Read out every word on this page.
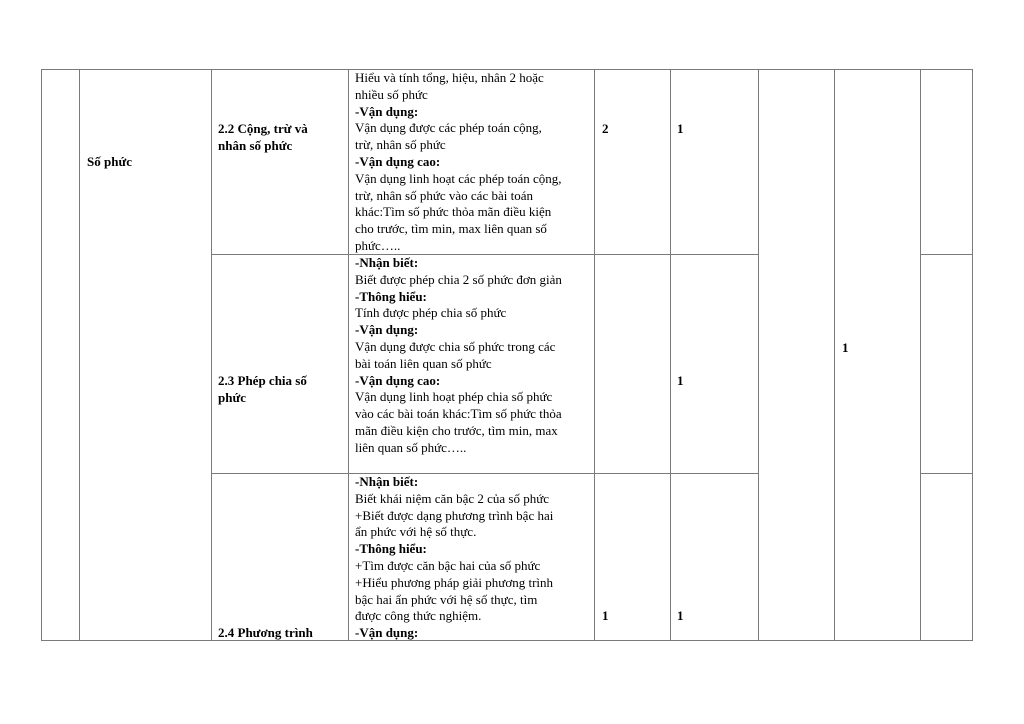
Số phức
2.2 Cộng, trừ và
nhân số phức
Hiểu và tính tổng, hiệu, nhân 2 hoặc
nhiều số phức
-Vận dụng:
Vận dụng được các phép toán cộng,
trừ, nhân số phức
-Vận dụng cao:
Vận dụng linh hoạt các phép toán cộng,
trừ, nhân số phức vào các bài toán
khác:Tìm số phức thỏa mãn điều kiện
cho trước, tìm min, max liên quan số
phức…..
2	1
2.3 Phép chia số
phức
-Nhận biết:
Biết được phép chia 2 số phức đơn giản
-Thông hiểu:
Tính được phép chia số phức
-Vận dụng:
Vận dụng được chia số phức trong các
bài toán liên quan số phức
-Vận dụng cao:
Vận dụng linh hoạt phép chia số phức
vào các bài toán khác:Tìm số phức thỏa
mãn điều kiện cho trước, tìm min, max
liên quan số phức…..
1
2.4 Phương trình
-Nhận biết:
Biết khái niệm căn bậc 2 của số phức
+Biết được dạng phương trình bậc hai
ẩn phức với hệ số thực.
-Thông hiểu:
+Tìm được căn bậc hai của số phức
+Hiểu phương pháp giải phương trình
bậc hai ẩn phức với hệ số thực, tìm
được công thức nghiệm.
-Vận dụng:
1	1
1
